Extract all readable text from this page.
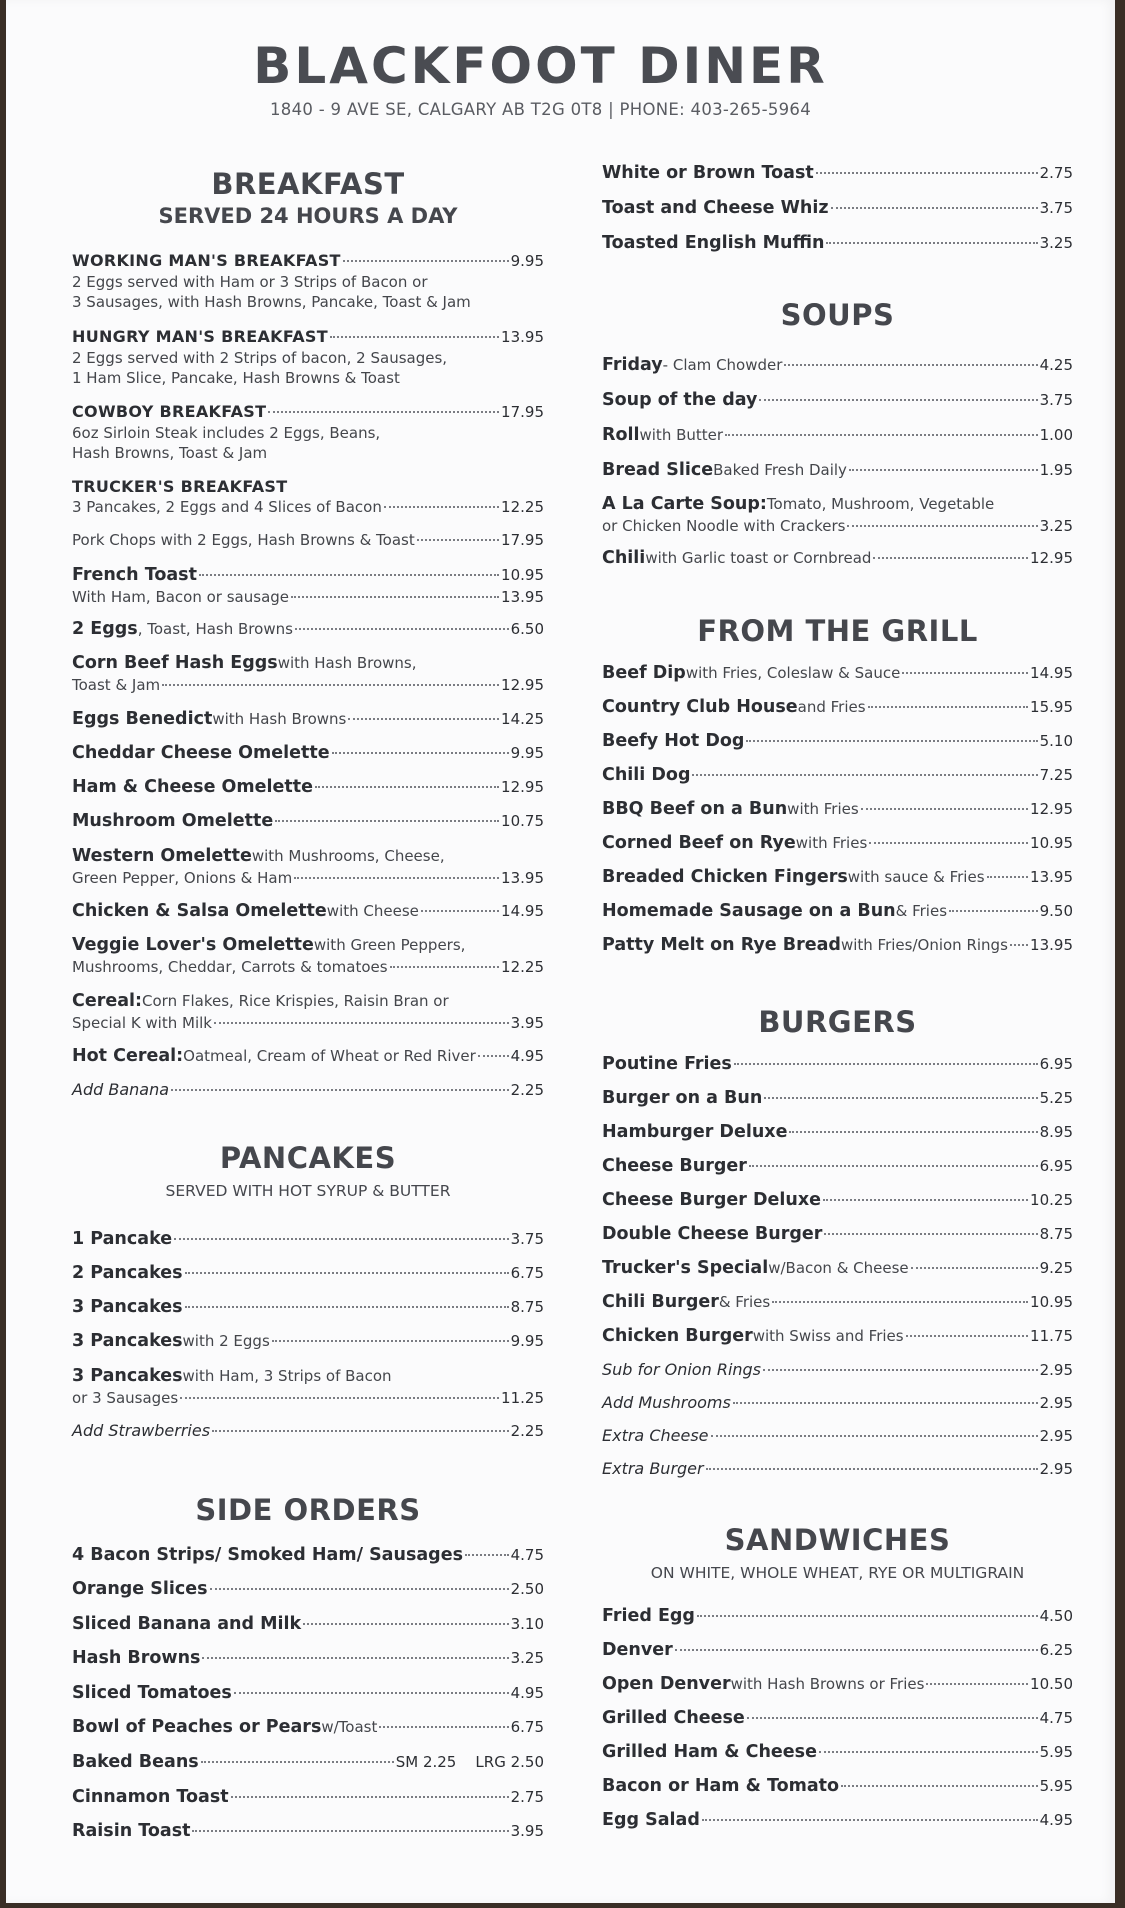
BLACKFOOT DINER
1840 - 9 AVE SE, CALGARY AB T2G 0T8 | PHONE: 403-265-5964
BREAKFAST
SERVED 24 HOURS A DAY
WORKING MAN'S BREAKFAST	9.95
2 Eggs served with Ham or 3 Strips of Bacon or
3 Sausages, with Hash Browns, Pancake, Toast & Jam
HUNGRY MAN'S BREAKFAST	13.95
2 Eggs served with 2 Strips of bacon, 2 Sausages,
1 Ham Slice, Pancake, Hash Browns & Toast
COWBOY BREAKFAST	17.95
6oz Sirloin Steak includes 2 Eggs, Beans,
Hash Browns, Toast & Jam
TRUCKER'S BREAKFAST
3 Pancakes, 2 Eggs and 4 Slices of Bacon	12.25
Pork Chops with 2 Eggs, Hash Browns & Toast	17.95
French Toast	10.95
With Ham, Bacon or sausage	13.95
2 Eggs , Toast, Hash Browns	6.50
Corn Beef Hash Eggs with Hash Browns,
Toast & Jam	12.95
Eggs Benedict with Hash Browns	14.25
Cheddar Cheese Omelette	9.95
Ham & Cheese Omelette	12.95
Mushroom Omelette	10.75
Western Omelette with Mushrooms, Cheese,
Green Pepper, Onions & Ham	13.95
Chicken & Salsa Omelette with Cheese	14.95
Veggie Lover's Omelette with Green Peppers,
Mushrooms, Cheddar, Carrots & tomatoes	12.25
Cereal: Corn Flakes, Rice Krispies, Raisin Bran or
Special K with Milk	3.95
Hot Cereal: Oatmeal, Cream of Wheat or Red River 4.95
Add Banana	2.25
PANCAKES
SERVED WITH HOT SYRUP & BUTTER
1 Pancake	3.75
2 Pancakes	6.75
3 Pancakes	8.75
3 Pancakes with 2 Eggs	9.95
3 Pancakes with Ham, 3 Strips of Bacon
or 3 Sausages	11.25
Add Strawberries	2.25
SIDE ORDERS
4 Bacon Strips/ Smoked Ham/ Sausages	4.75
Orange Slices	2.50
Sliced Banana and Milk	3.10
Hash Browns	3.25
Sliced Tomatoes	4.95
Bowl of Peaches or Pears w/Toast	6.75
Baked Beans	SM 2.25    LRG 2.50
Cinnamon Toast	2.75
Raisin Toast	3.95
White or Brown Toast	2.75
Toast and Cheese Whiz	3.75
Toasted English Muffin	3.25
SOUPS
Friday - Clam Chowder	4.25
Soup of the day	3.75
Roll with Butter	1.00
Bread Slice Baked Fresh Daily	1.95
A La Carte Soup: Tomato, Mushroom, Vegetable
or Chicken Noodle with Crackers	3.25
Chili with Garlic toast or Cornbread	12.95
FROM THE GRILL
Beef Dip with Fries, Coleslaw & Sauce	14.95
Country Club House and Fries	15.95
Beefy Hot Dog	5.10
Chili Dog	7.25
BBQ Beef on a Bun with Fries	12.95
Corned Beef on Rye with Fries	10.95
Breaded Chicken Fingers with sauce & Fries	13.95
Homemade Sausage on a Bun & Fries	9.50
Patty Melt on Rye Bread with Fries/Onion Rings 13.95
BURGERS
Poutine Fries	6.95
Burger on a Bun	5.25
Hamburger Deluxe	8.95
Cheese Burger	6.95
Cheese Burger Deluxe	10.25
Double Cheese Burger	8.75
Trucker's Special w/Bacon & Cheese	9.25
Chili Burger & Fries	10.95
Chicken Burger with Swiss and Fries	11.75
Sub for Onion Rings	2.95
Add Mushrooms	2.95
Extra Cheese	2.95
Extra Burger	2.95
SANDWICHES
ON WHITE, WHOLE WHEAT, RYE OR MULTIGRAIN
Fried Egg	4.50
Denver	6.25
Open Denver with Hash Browns or Fries	10.50
Grilled Cheese	4.75
Grilled Ham & Cheese	5.95
Bacon or Ham & Tomato	5.95
Egg Salad	4.95
